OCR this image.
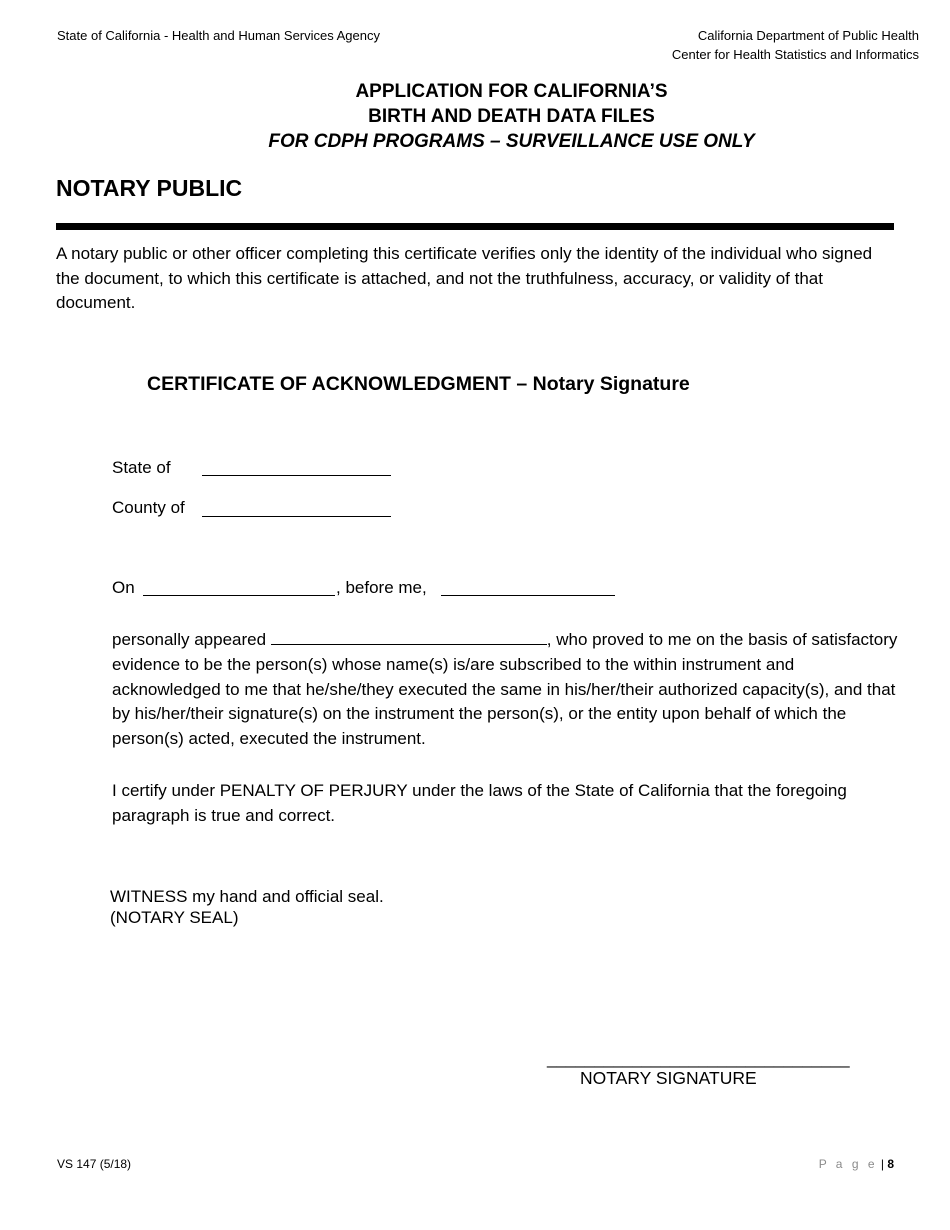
State of California - Health and Human Services Agency	California Department of Public Health
Center for Health Statistics and Informatics
APPLICATION FOR CALIFORNIA’S
BIRTH AND DEATH DATA FILES
FOR CDPH PROGRAMS – SURVEILLANCE USE ONLY
NOTARY PUBLIC
A notary public or other officer completing this certificate verifies only the identity of the individual who signed the document, to which this certificate is attached, and not the truthfulness, accuracy, or validity of that document.
CERTIFICATE OF ACKNOWLEDGMENT – Notary Signature
State of
County of
On	, before me,
personally appeared	, who proved to me on the basis of satisfactory evidence to be the person(s) whose name(s) is/are subscribed to the within instrument and acknowledged to me that he/she/they executed the same in his/her/their authorized capacity(s), and that by his/her/their signature(s) on the instrument the person(s), or the entity upon behalf of which the person(s) acted, executed the instrument.
I certify under PENALTY OF PERJURY under the laws of the State of California that the foregoing paragraph is true and correct.
WITNESS my hand and official seal.
(NOTARY SEAL)
________________________________
NOTARY SIGNATURE
VS 147 (5/18)	P a g e | 8
